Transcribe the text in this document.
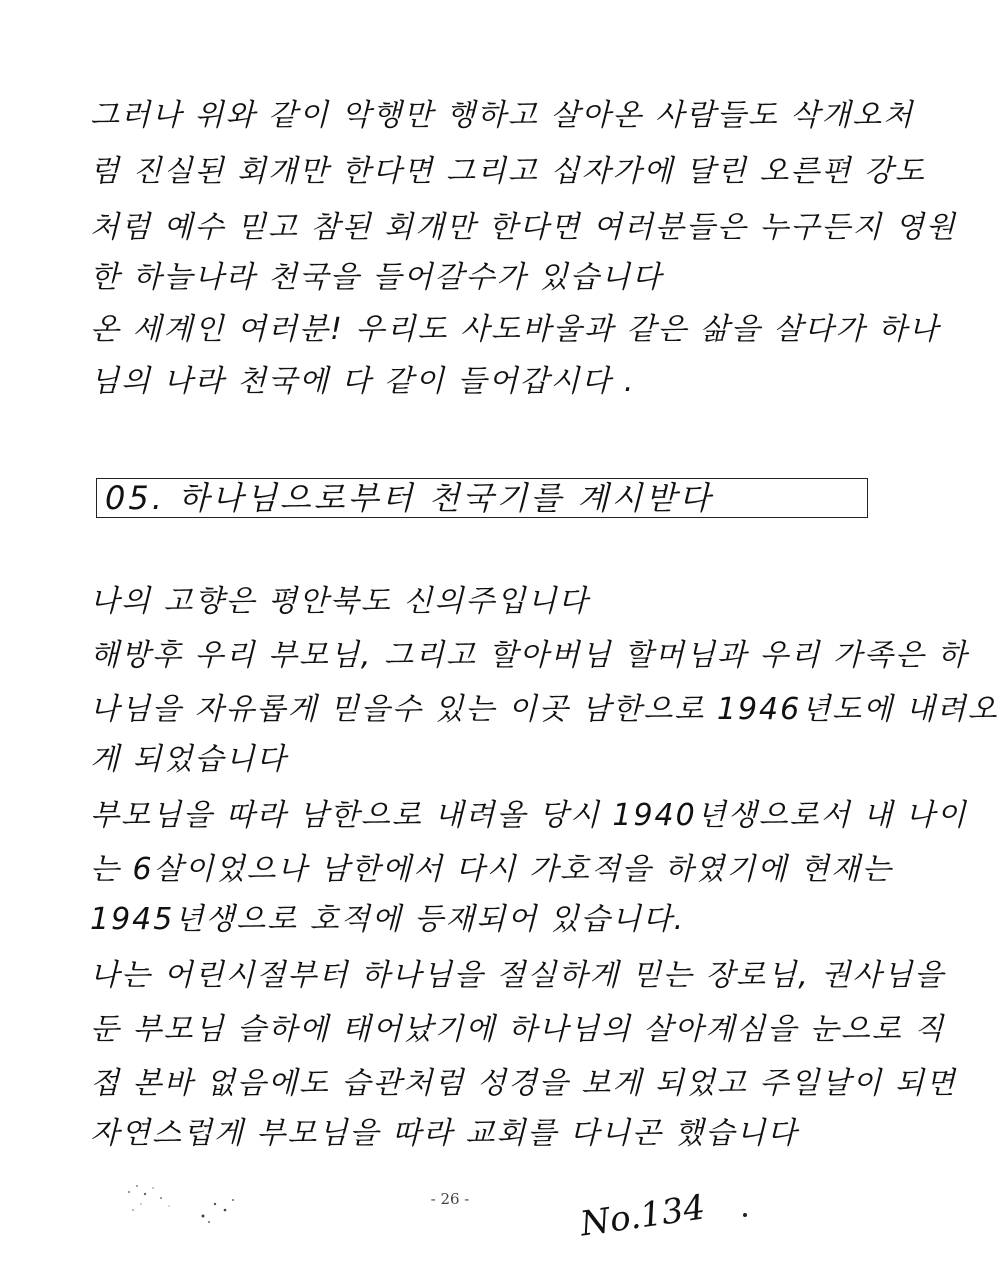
그러나 위와 같이 악행만 행하고 살아온 사람들도 삭개오처
럼 진실된 회개만 한다면 그리고 십자가에 달린 오른편 강도
처럼 예수 믿고 참된 회개만 한다면 여러분들은 누구든지 영원
한 하늘나라 천국을 들어갈수가 있습니다
온 세계인 여러분! 우리도 사도바울과 같은 삶을 살다가 하나
님의 나라 천국에 다 같이 들어갑시다 .
05. 하나님으로부터 천국기를 계시받다
나의 고향은 평안북도 신의주입니다
해방후 우리 부모님, 그리고 할아버님 할머님과 우리 가족은 하
나님을 자유롭게 믿을수 있는 이곳 남한으로 1946년도에 내려오
게 되었습니다
부모님을 따라 남한으로 내려올 당시 1940년생으로서 내 나이
는 6살이었으나 남한에서 다시 가호적을 하였기에 현재는
1945년생으로 호적에 등재되어 있습니다.
나는 어린시절부터 하나님을 절실하게 믿는 장로님, 권사님을
둔 부모님 슬하에 태어났기에 하나님의 살아계심을 눈으로 직
접 본바 없음에도 습관처럼 성경을 보게 되었고 주일날이 되면
자연스럽게 부모님을 따라 교회를 다니곤 했습니다
- 26 -	No.134
